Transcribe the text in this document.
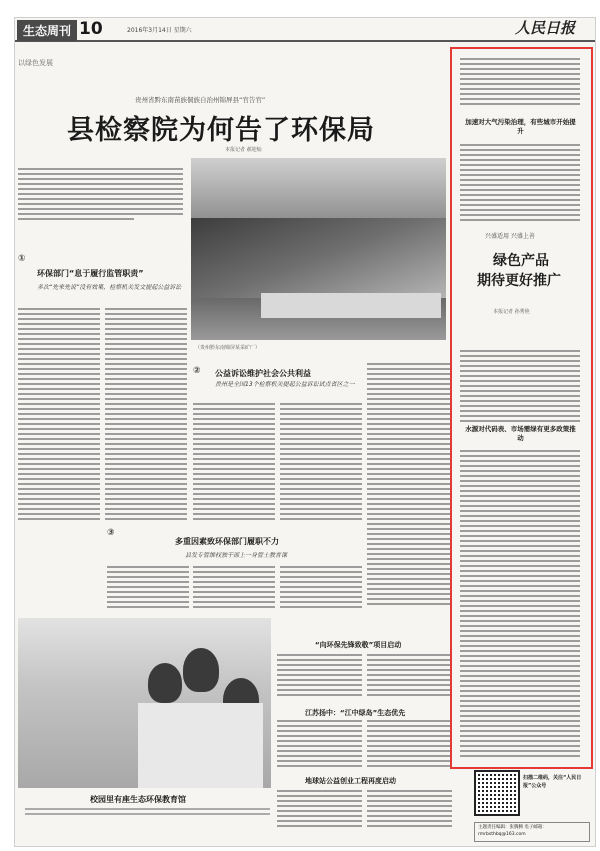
生态周刊 10	2016年3月14日 星期六	人民日报
以绿色发展
贵州省黔东南苗族侗族自治州锦屏县“官告官”
县检察院为何告了环保局
本报记者 郝迎灿
（贵州黔东南锦屏某采矿厂）
①
环保部门“息于履行监管职责”
多次“先来先说”没有效果，检察机关发文提起公益诉讼
② 公益诉讼维护社会公共利益
贵州是全国13个检察机关提起公益诉讼试点省区之一
③
多重因素致环保部门履职不力
县发专管维权独干部上一身管士教育课
校园里有座生态环保教育馆
“向环保先锋致敬”项目启动
江苏扬中：“江中绿岛”生态优先
地球站公益创业工程再度启动
加速对大气污染治理，有些城市开始提升
兴盛适用 兴盛上善
绿色产品
期待更好推广
本报记者 孙秀艳
水源对代码表、市场需绿有更多政策推动
扫描二维码，关注“人民日报”公众号
主题责任编辑：张腾腾 电子邮箱：rmrbsthbq@163.com
